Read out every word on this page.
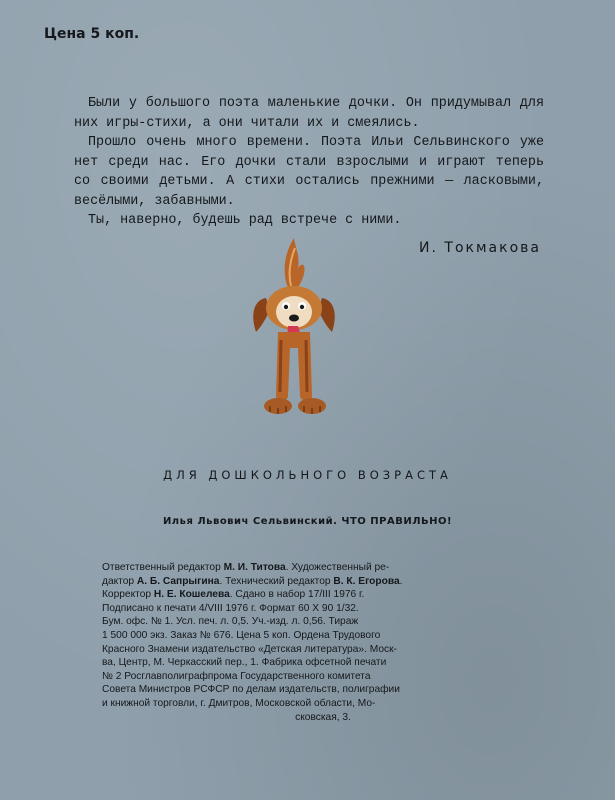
Цена 5 коп.

Были у большого поэта маленькие дочки. Он придумывал для них игры-стихи, а они читали их и смеялись.

Прошло очень много времени. Поэта Ильи Сельвинского уже нет среди нас. Его дочки стали взрослыми и играют теперь со своими детьми. А стихи остались прежними — ласковыми, весёлыми, забавными.

Ты, наверно, будешь рад встрече с ними.

И. Токмакова
ДЛЯ ДОШКОЛЬНОГО ВОЗРАСТА
Илья Львович Сельвинский. ЧТО ПРАВИЛЬНО!
Ответственный редактор М. И. Титова. Художественный ре-
дактор А. Б. Сапрыгина. Технический редактор В. К. Егорова.
Корректор Н. Е. Кошелева. Сдано в набор 17/III 1976 г.
Подписано к печати 4/VIII 1976 г. Формат 60 X 90 1/32.
Бум. офс. № 1. Усл. печ. л. 0,5. Уч.-изд. л. 0,56. Тираж
1 500 000 экз. Заказ № 676. Цена 5 коп. Ордена Трудового
Красного Знамени издательство «Детская литература». Моск-
ва, Центр, М. Черкасский пер., 1. Фабрика офсетной печати
№ 2 Росглавполиграфпрома Государственного комитета
Совета Министров РСФСР по делам издательств, полиграфии
и книжной торговли, г. Дмитров, Московской области, Мо-
сковская, 3.
